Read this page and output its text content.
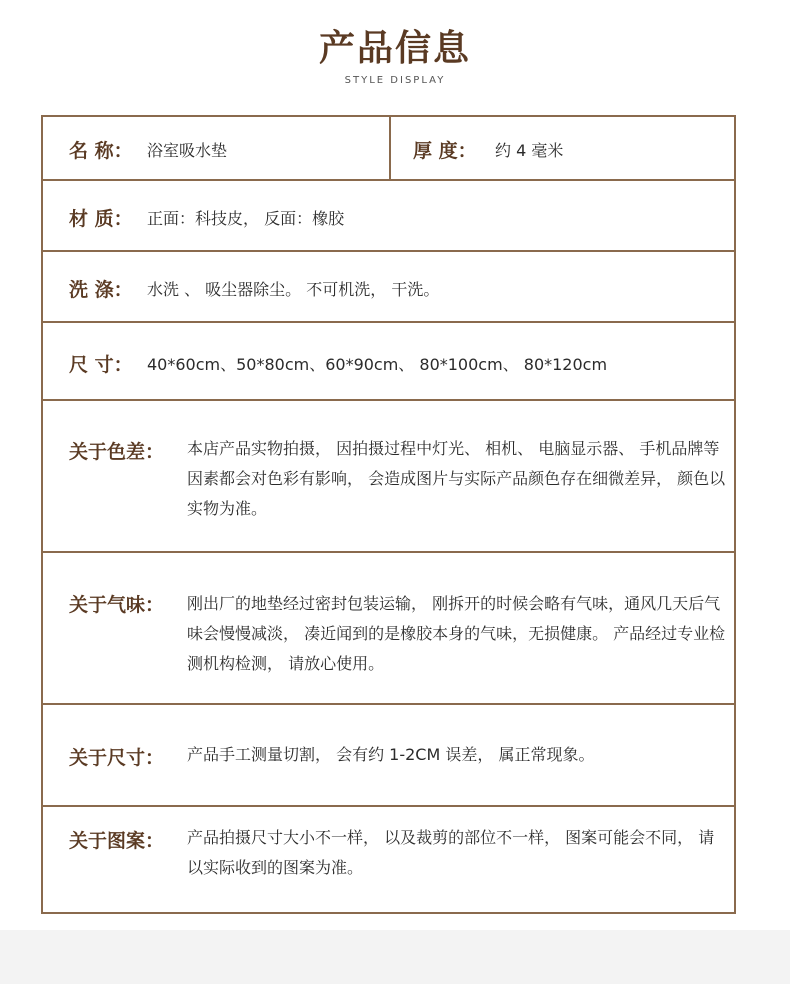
产品信息
STYLE DISPLAY
名 称： 浴室吸水垫	厚 度： 约 4 毫米
材 质： 正面：科技皮， 反面：橡胶
洗 涤： 水洗 、 吸尘器除尘。 不可机洗， 干洗。
尺 寸： 40*60cm、50*80cm、60*90cm、 80*100cm、 80*120cm
关于色差： 本店产品实物拍摄， 因拍摄过程中灯光、 相机、 电脑显示器、 手机品牌等因素都会对色彩有影响， 会造成图片与实际产品颜色存在细微差异， 颜色以实物为准。
关于气味： 刚出厂的地垫经过密封包装运输， 刚拆开的时候会略有气味，通风几天后气味会慢慢减淡， 凑近闻到的是橡胶本身的气味，无损健康。 产品经过专业检测机构检测， 请放心使用。
关于尺寸： 产品手工测量切割， 会有约 1-2CM 误差， 属正常现象。
关于图案： 产品拍摄尺寸大小不一样， 以及裁剪的部位不一样， 图案可能会不同， 请以实际收到的图案为准。
